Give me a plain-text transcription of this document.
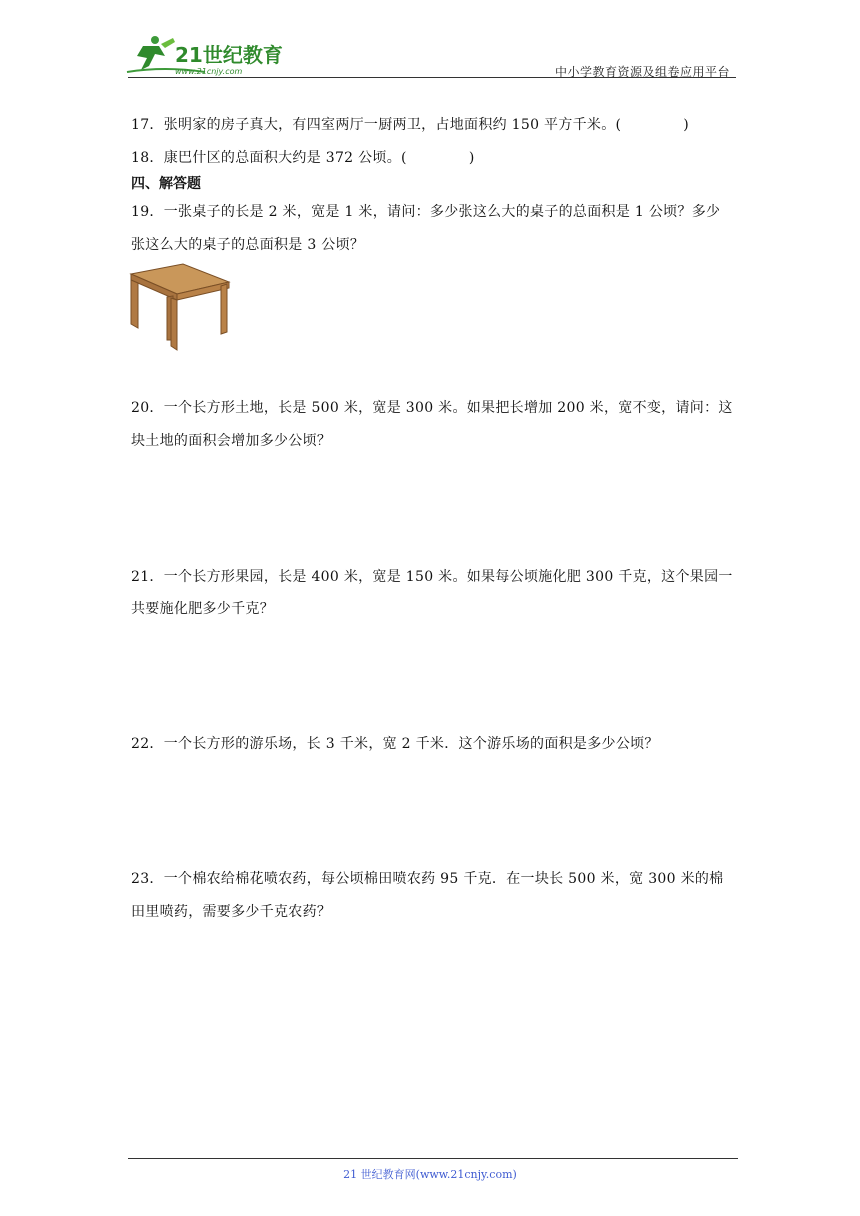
21世纪教育
www.21cnjy.com	中小学教育资源及组卷应用平台
17．张明家的房子真大，有四室两厅一厨两卫，占地面积约 150 平方千米。(	)
18．康巴什区的总面积大约是 372 公顷。(	)
四、解答题
19．一张桌子的长是 2 米，宽是 1 米，请问：多少张这么大的桌子的总面积是 1 公顷？多少
张这么大的桌子的总面积是 3 公顷？
20．一个长方形土地，长是 500 米，宽是 300 米。如果把长增加 200 米，宽不变，请问：这
块土地的面积会增加多少公顷？
21．一个长方形果园，长是 400 米，宽是 150 米。如果每公顷施化肥 300 千克，这个果园一
共要施化肥多少千克？
22．一个长方形的游乐场，长 3 千米，宽 2 千米．这个游乐场的面积是多少公顷？
23．一个棉农给棉花喷农药，每公顷棉田喷农药 95 千克．在一块长 500 米，宽 300 米的棉
田里喷药，需要多少千克农药？
21 世纪教育网(www.21cnjy.com)
